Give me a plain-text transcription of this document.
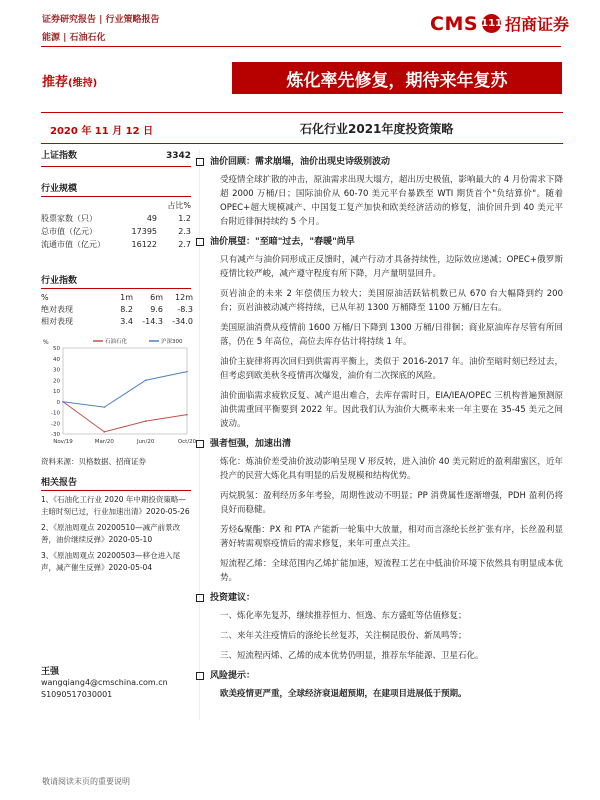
证券研究报告 | 行业策略报告
能源 | 石油石化
CMS 111 招商证券
推荐(维持)	炼化率先修复，期待来年复苏
2020 年 11 月 12 日	石化行业2021年度投资策略
上证指数	3342
行业规模
占比%
股票家数（只）	49	1.2
总市值（亿元）	17395	2.3
流通市值（亿元）	16122	2.7
行业指数
%	1m	6m	12m
绝对表现	8.2	9.6	-8.3
相对表现	3.4	-14.3	-34.0
%
50
40
30
20
10
0
-10
-20
-30
Nov/19	Mar/20	Jun/20	Oct/20
石油石化	沪深300
资料来源：贝格数据、招商证券
相关报告
1、《石油化工行业 2020 年中期投资策略—主暗时刻已过，行业加速出清》2020-05-26
2、《原油周观点 20200510—减产前景改善，油价继续反弹》2020-05-10
3、《原油周观点 20200503—移仓进入尾声，减产催生反弹》2020-05-04
王强
wangqiang4@cmschina.com.cn
S1090517030001
油价回顾：需求崩塌，油价出现史诗级别波动
受疫情全球扩散的冲击，原油需求出现大塌方，超出历史极值，影响最大的 4 月份需求下降超 2000 万桶/日；国际油价从 60-70 美元平台暴跌至 WTI 期货首个"负结算价"。随着 OPEC+超大规模减产、中国复工复产加快和欧美经济活动的修复，油价回升到 40 美元平台附近徘徊持续约 5 个月。
油价展望："至暗"过去，"春暖"尚早
只有减产与油价同形成正反馈时，减产行动才具备持续性，边际效应递减；OPEC+俄罗斯疫情比较严峻，减产遵守程度有所下降，月产量明显回升。
页岩油企的未来 2 年偿债压力较大；美国原油活跃钻机数已从 670 台大幅降到约 200 台；页岩油被动减产将持续，已从年初 1300 万桶降至 1100 万桶/日左右。
美国原油消费从疫情前 1600 万桶/日下降到 1300 万桶/日徘徊；商业原油库存尽管有所回落，仍在 5 年高位，高位去库存估计将持续 1 年。
油价主旋律将再次回归到供需再平衡上，类似于 2016-2017 年。油价至暗时刻已经过去，但考虑到欧美秋冬疫情再次爆发，油价有二次探底的风险。
油价面临需求疲软反复、减产退出难合，去库存需时日，EIA/IEA/OPEC 三机构普遍预测原油供需重回平衡要到 2022 年。因此我们认为油价大概率未来一年主要在 35-45 美元之间波动。
强者恒强，加速出清
炼化：炼油价差受油价波动影响呈现 V 形反转，进入油价 40 美元附近的盈利甜蜜区，近年投产的民营大炼化具有明显的后发规模和结构优势。
丙烷脱氢：盈利经历多年考验，周期性波动不明显；PP 消费属性逐渐增强，PDH 盈利仍将良好而稳健。
芳烃&聚酯：PX 和 PTA 产能新一轮集中大放量，相对而言涤纶长丝扩张有序，长丝盈利显著好转需观察疫情后的需求修复，来年可重点关注。
短流程乙烯：全球范围内乙烯扩能加速，短流程工艺在中低油价环境下依然具有明显成本优势。
投资建议：
一、炼化率先复苏，继续推荐恒力、恒逸、东方盛虹等估值修复；
二、来年关注疫情后的涤纶长丝复苏，关注桐昆股份、新凤鸣等；
三、短流程丙烯、乙烯的成本优势仍明显，推荐东华能源、卫星石化。
风险提示：
欧美疫情更严重，全球经济衰退超预期，在建项目进展低于预期。
敬请阅读末页的重要说明
